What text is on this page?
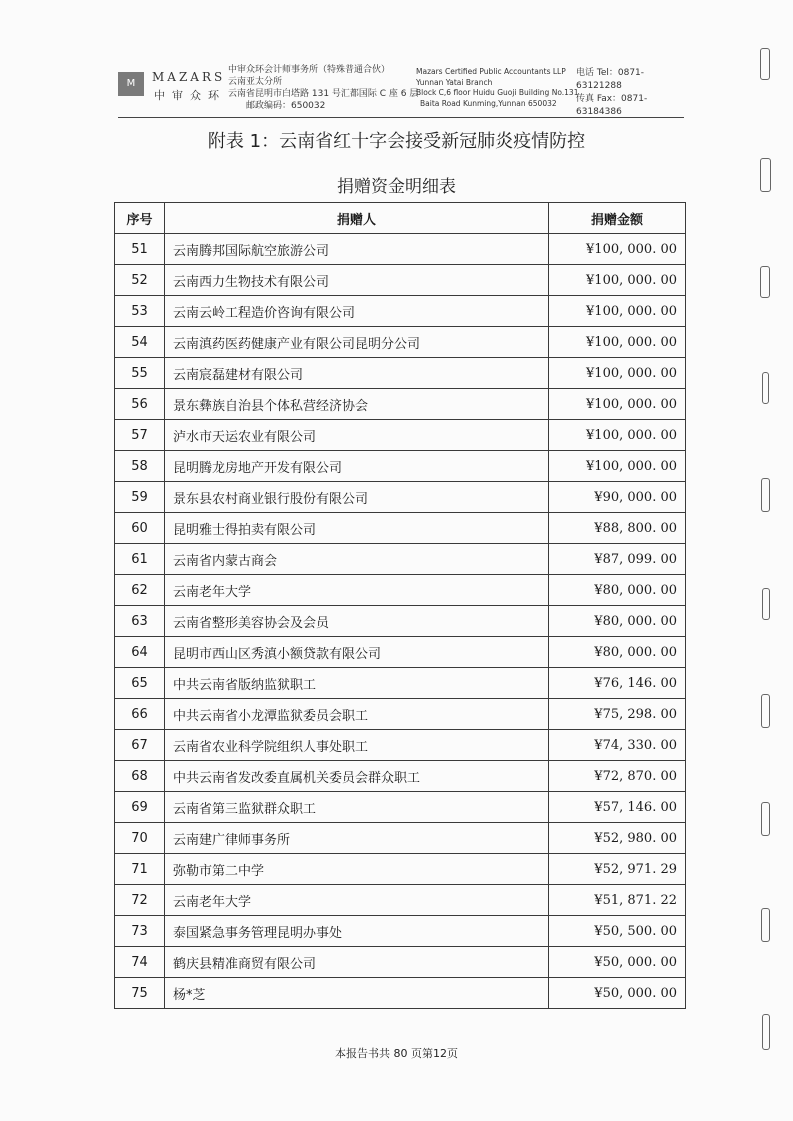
M	MAZARS
中审众环
中审众环会计师事务所（特殊普通合伙）
云南亚太分所
云南省昆明市白塔路 131 号汇都国际 C 座 6 层
邮政编码：650032
Mazars Certified Public Accountants LLP
Yunnan Yatai Branch
Block C,6 floor Huidu Guoji Building No.131
Baita Road Kunming,Yunnan 650032
电话 Tel：0871-63121288
传真 Fax：0871-63184386
附表 1：云南省红十字会接受新冠肺炎疫情防控
捐赠资金明细表
序号	捐赠人	捐赠金额
51	云南腾邦国际航空旅游公司	¥100, 000. 00
52	云南西力生物技术有限公司	¥100, 000. 00
53	云南云岭工程造价咨询有限公司	¥100, 000. 00
54	云南滇药医药健康产业有限公司昆明分公司	¥100, 000. 00
55	云南宸磊建材有限公司	¥100, 000. 00
56	景东彝族自治县个体私营经济协会	¥100, 000. 00
57	泸水市天运农业有限公司	¥100, 000. 00
58	昆明腾龙房地产开发有限公司	¥100, 000. 00
59	景东县农村商业银行股份有限公司	¥90, 000. 00
60	昆明雅士得拍卖有限公司	¥88, 800. 00
61	云南省内蒙古商会	¥87, 099. 00
62	云南老年大学	¥80, 000. 00
63	云南省整形美容协会及会员	¥80, 000. 00
64	昆明市西山区秀滇小额贷款有限公司	¥80, 000. 00
65	中共云南省版纳监狱职工	¥76, 146. 00
66	中共云南省小龙潭监狱委员会职工	¥75, 298. 00
67	云南省农业科学院组织人事处职工	¥74, 330. 00
68	中共云南省发改委直属机关委员会群众职工	¥72, 870. 00
69	云南省第三监狱群众职工	¥57, 146. 00
70	云南建广律师事务所	¥52, 980. 00
71	弥勒市第二中学	¥52, 971. 29
72	云南老年大学	¥51, 871. 22
73	泰国紧急事务管理昆明办事处	¥50, 500. 00
74	鹤庆县精准商贸有限公司	¥50, 000. 00
75	杨*芝	¥50, 000. 00
本报告书共 80 页第12页
